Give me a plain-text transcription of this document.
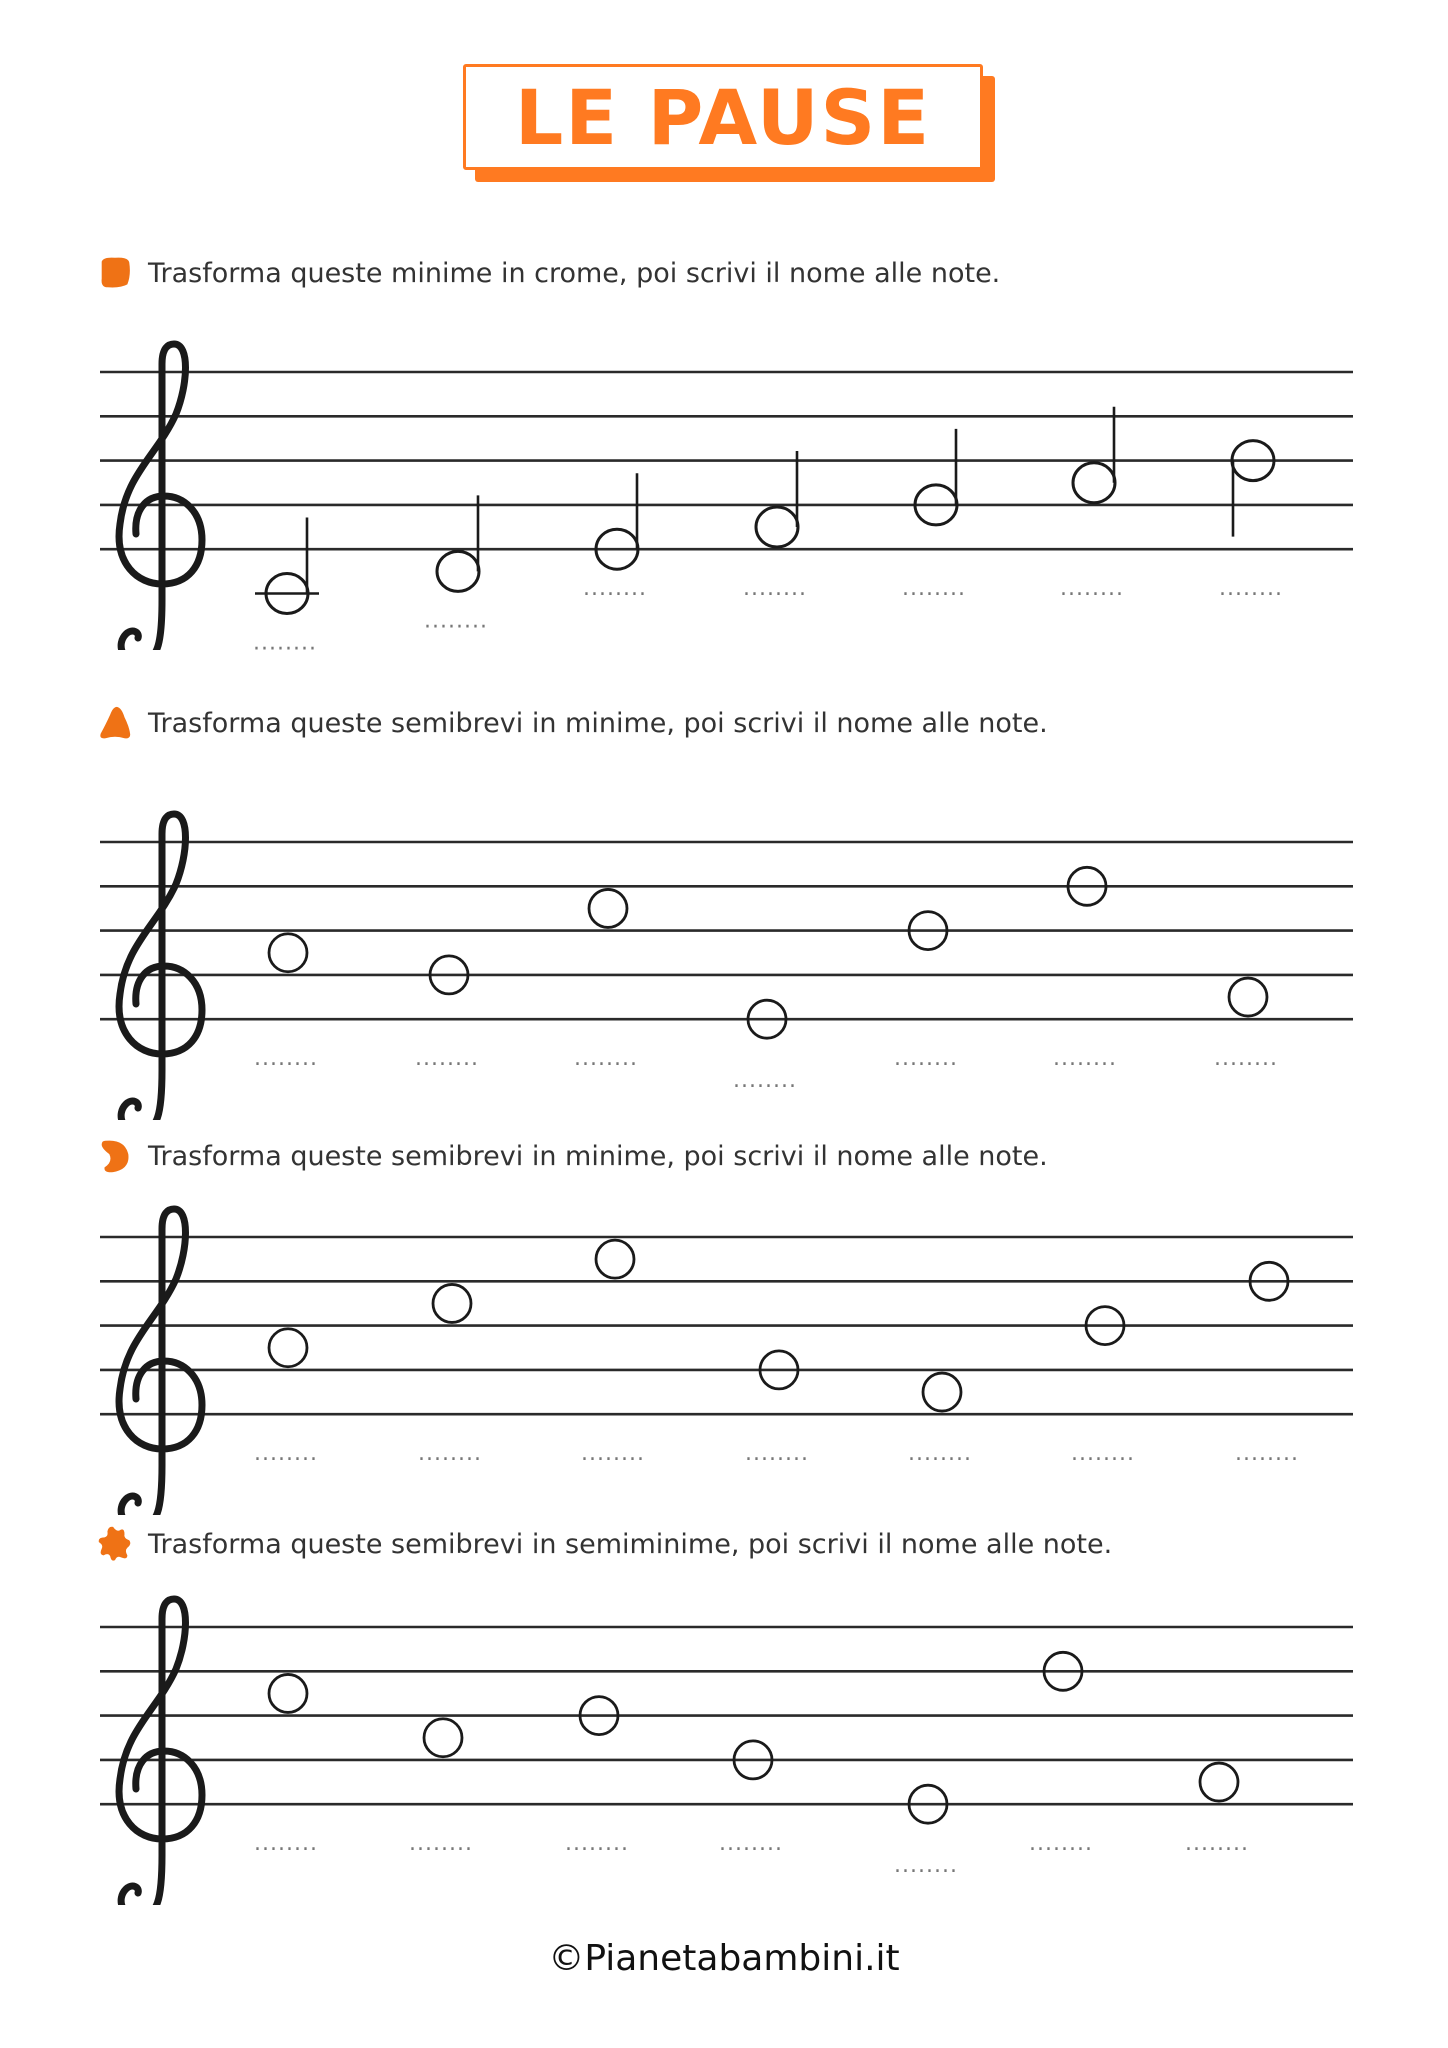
LE PAUSE
Trasforma queste minime in crome, poi scrivi il nome alle note.
........
........
........	........	........	........	........
Trasforma queste semibrevi in minime, poi scrivi il nome alle note.
........	........	........
........
........	........	........
Trasforma queste semibrevi in minime, poi scrivi il nome alle note.
........	........	........	........	........	........	........
Trasforma queste semibrevi in semiminime, poi scrivi il nome alle note.
........	........	........	........
........
........	........
©Pianetabambini.it
